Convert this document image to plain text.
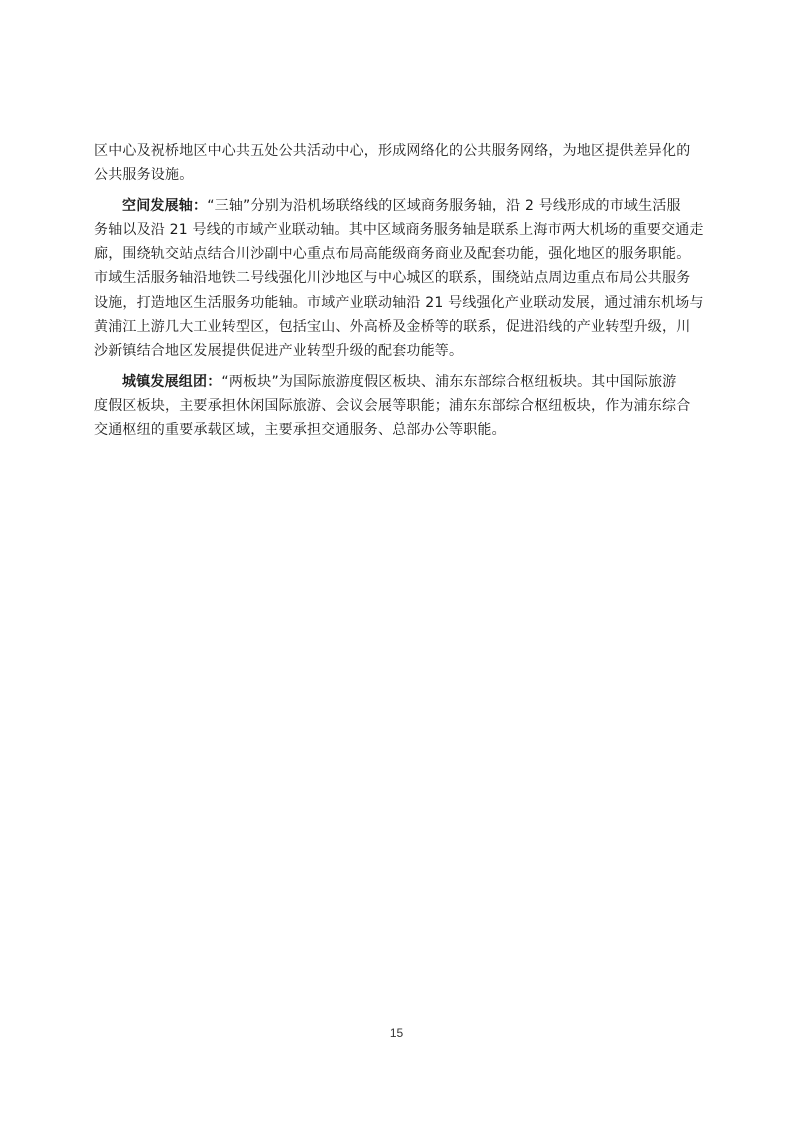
区中心及祝桥地区中心共五处公共活动中心，形成网络化的公共服务网络，为地区提供差异化的
公共服务设施。
空间发展轴：“三轴”分别为沿机场联络线的区域商务服务轴，沿 2 号线形成的市域生活服
务轴以及沿 21 号线的市域产业联动轴。其中区域商务服务轴是联系上海市两大机场的重要交通走
廊，围绕轨交站点结合川沙副中心重点布局高能级商务商业及配套功能，强化地区的服务职能。
市域生活服务轴沿地铁二号线强化川沙地区与中心城区的联系，围绕站点周边重点布局公共服务
设施，打造地区生活服务功能轴。市域产业联动轴沿 21 号线强化产业联动发展，通过浦东机场与
黄浦江上游几大工业转型区，包括宝山、外高桥及金桥等的联系，促进沿线的产业转型升级，川
沙新镇结合地区发展提供促进产业转型升级的配套功能等。
城镇发展组团：“两板块”为国际旅游度假区板块、浦东东部综合枢纽板块。其中国际旅游
度假区板块，主要承担休闲国际旅游、会议会展等职能；浦东东部综合枢纽板块，作为浦东综合
交通枢纽的重要承载区域，主要承担交通服务、总部办公等职能。
15
